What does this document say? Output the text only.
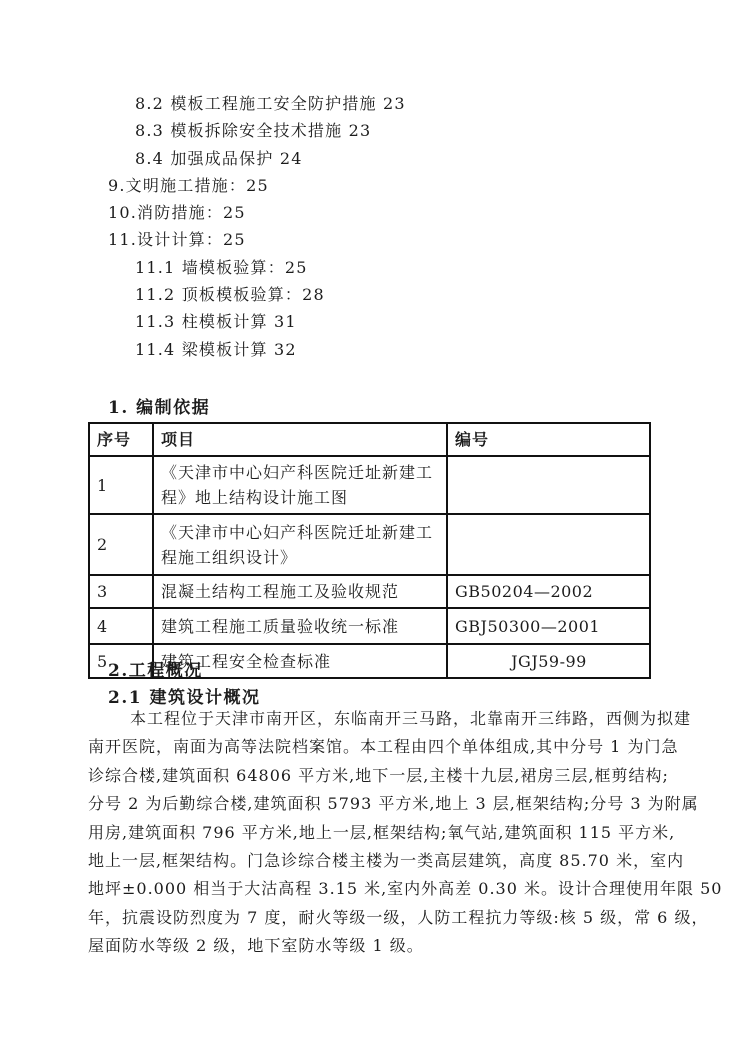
8.2 模板工程施工安全防护措施 23
8.3 模板拆除安全技术措施 23
8.4 加强成品保护 24
9.文明施工措施：25
10.消防措施：25
11.设计计算：25
11.1 墙模板验算：25
11.2 顶板模板验算：28
11.3 柱模板计算 31
11.4 梁模板计算 32
1. 编制依据
序号	项目	编号
1	《天津市中心妇产科医院迁址新建工程》地上结构设计施工图	
2	《天津市中心妇产科医院迁址新建工程施工组织设计》	
3	混凝土结构工程施工及验收规范	GB50204—2002
4	建筑工程施工质量验收统一标准	GBJ50300—2001
5	建筑工程安全检查标准	JGJ59-99
2.工程概况
2.1 建筑设计概况
本工程位于天津市南开区，东临南开三马路，北靠南开三纬路，西侧为拟建
南开医院，南面为高等法院档案馆。本工程由四个单体组成,其中分号 1 为门急
诊综合楼,建筑面积 64806 平方米,地下一层,主楼十九层,裙房三层,框剪结构;
分号 2 为后勤综合楼,建筑面积 5793 平方米,地上 3 层,框架结构;分号 3 为附属
用房,建筑面积 796 平方米,地上一层,框架结构;氧气站,建筑面积 115 平方米,
地上一层,框架结构。门急诊综合楼主楼为一类高层建筑，高度 85.70 米，室内
地坪±0.000 相当于大沽高程 3.15 米,室内外高差 0.30 米。设计合理使用年限 50
年，抗震设防烈度为 7 度，耐火等级一级，人防工程抗力等级:核 5 级，常 6 级，
屋面防水等级 2 级，地下室防水等级 1 级。
